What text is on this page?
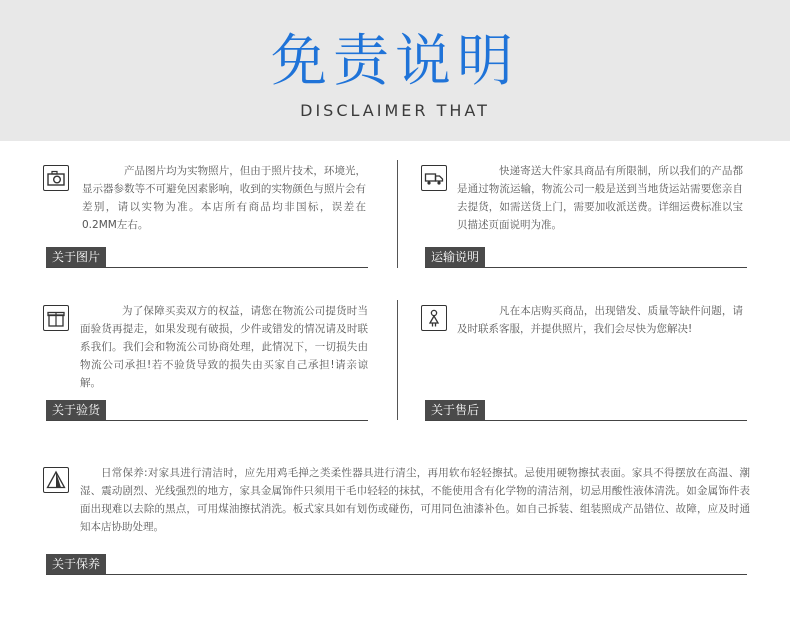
免责说明
DISCLAIMER THAT
产品图片均为实物照片，但由于照片技术，环境光，显示器参数等不可避免因素影响，收到的实物颜色与照片会有差别，请以实物为准。本店所有商品均非国标，误差在0.2MM左右。
关于图片
快递寄送大件家具商品有所限制，所以我们的产品都是通过物流运输，物流公司一般是送到当地货运站需要您亲自去提货，如需送货上门，需要加收派送费。详细运费标准以宝贝描述页面说明为准。
运输说明
为了保障买卖双方的权益，请您在物流公司提货时当面验货再提走，如果发现有破损，少件或错发的情况请及时联系我们。我们会和物流公司协商处理，此情况下，一切损失由物流公司承担!若不验货导致的损失由买家自己承担!请亲谅解。
关于验货
凡在本店购买商品，出现错发、质量等缺件问题，请及时联系客服，并提供照片，我们会尽快为您解决!
关于售后
日常保养:对家具进行清洁时，应先用鸡毛掸之类柔性器具进行清尘，再用软布轻轻擦拭。忌使用硬物擦拭表面。家具不得摆放在高温、潮湿、震动剧烈、光线强烈的地方，家具金属饰件只须用干毛巾轻轻的抹拭，不能使用含有化学物的清洁剂，切忌用酸性液体清洗。如金属饰件表面出现难以去除的黑点，可用煤油擦拭消洗。板式家具如有划伤或碰伤，可用同色油漆补色。如自己拆装、组装照成产品错位、故障，应及时通知本店协助处理。
关于保养
